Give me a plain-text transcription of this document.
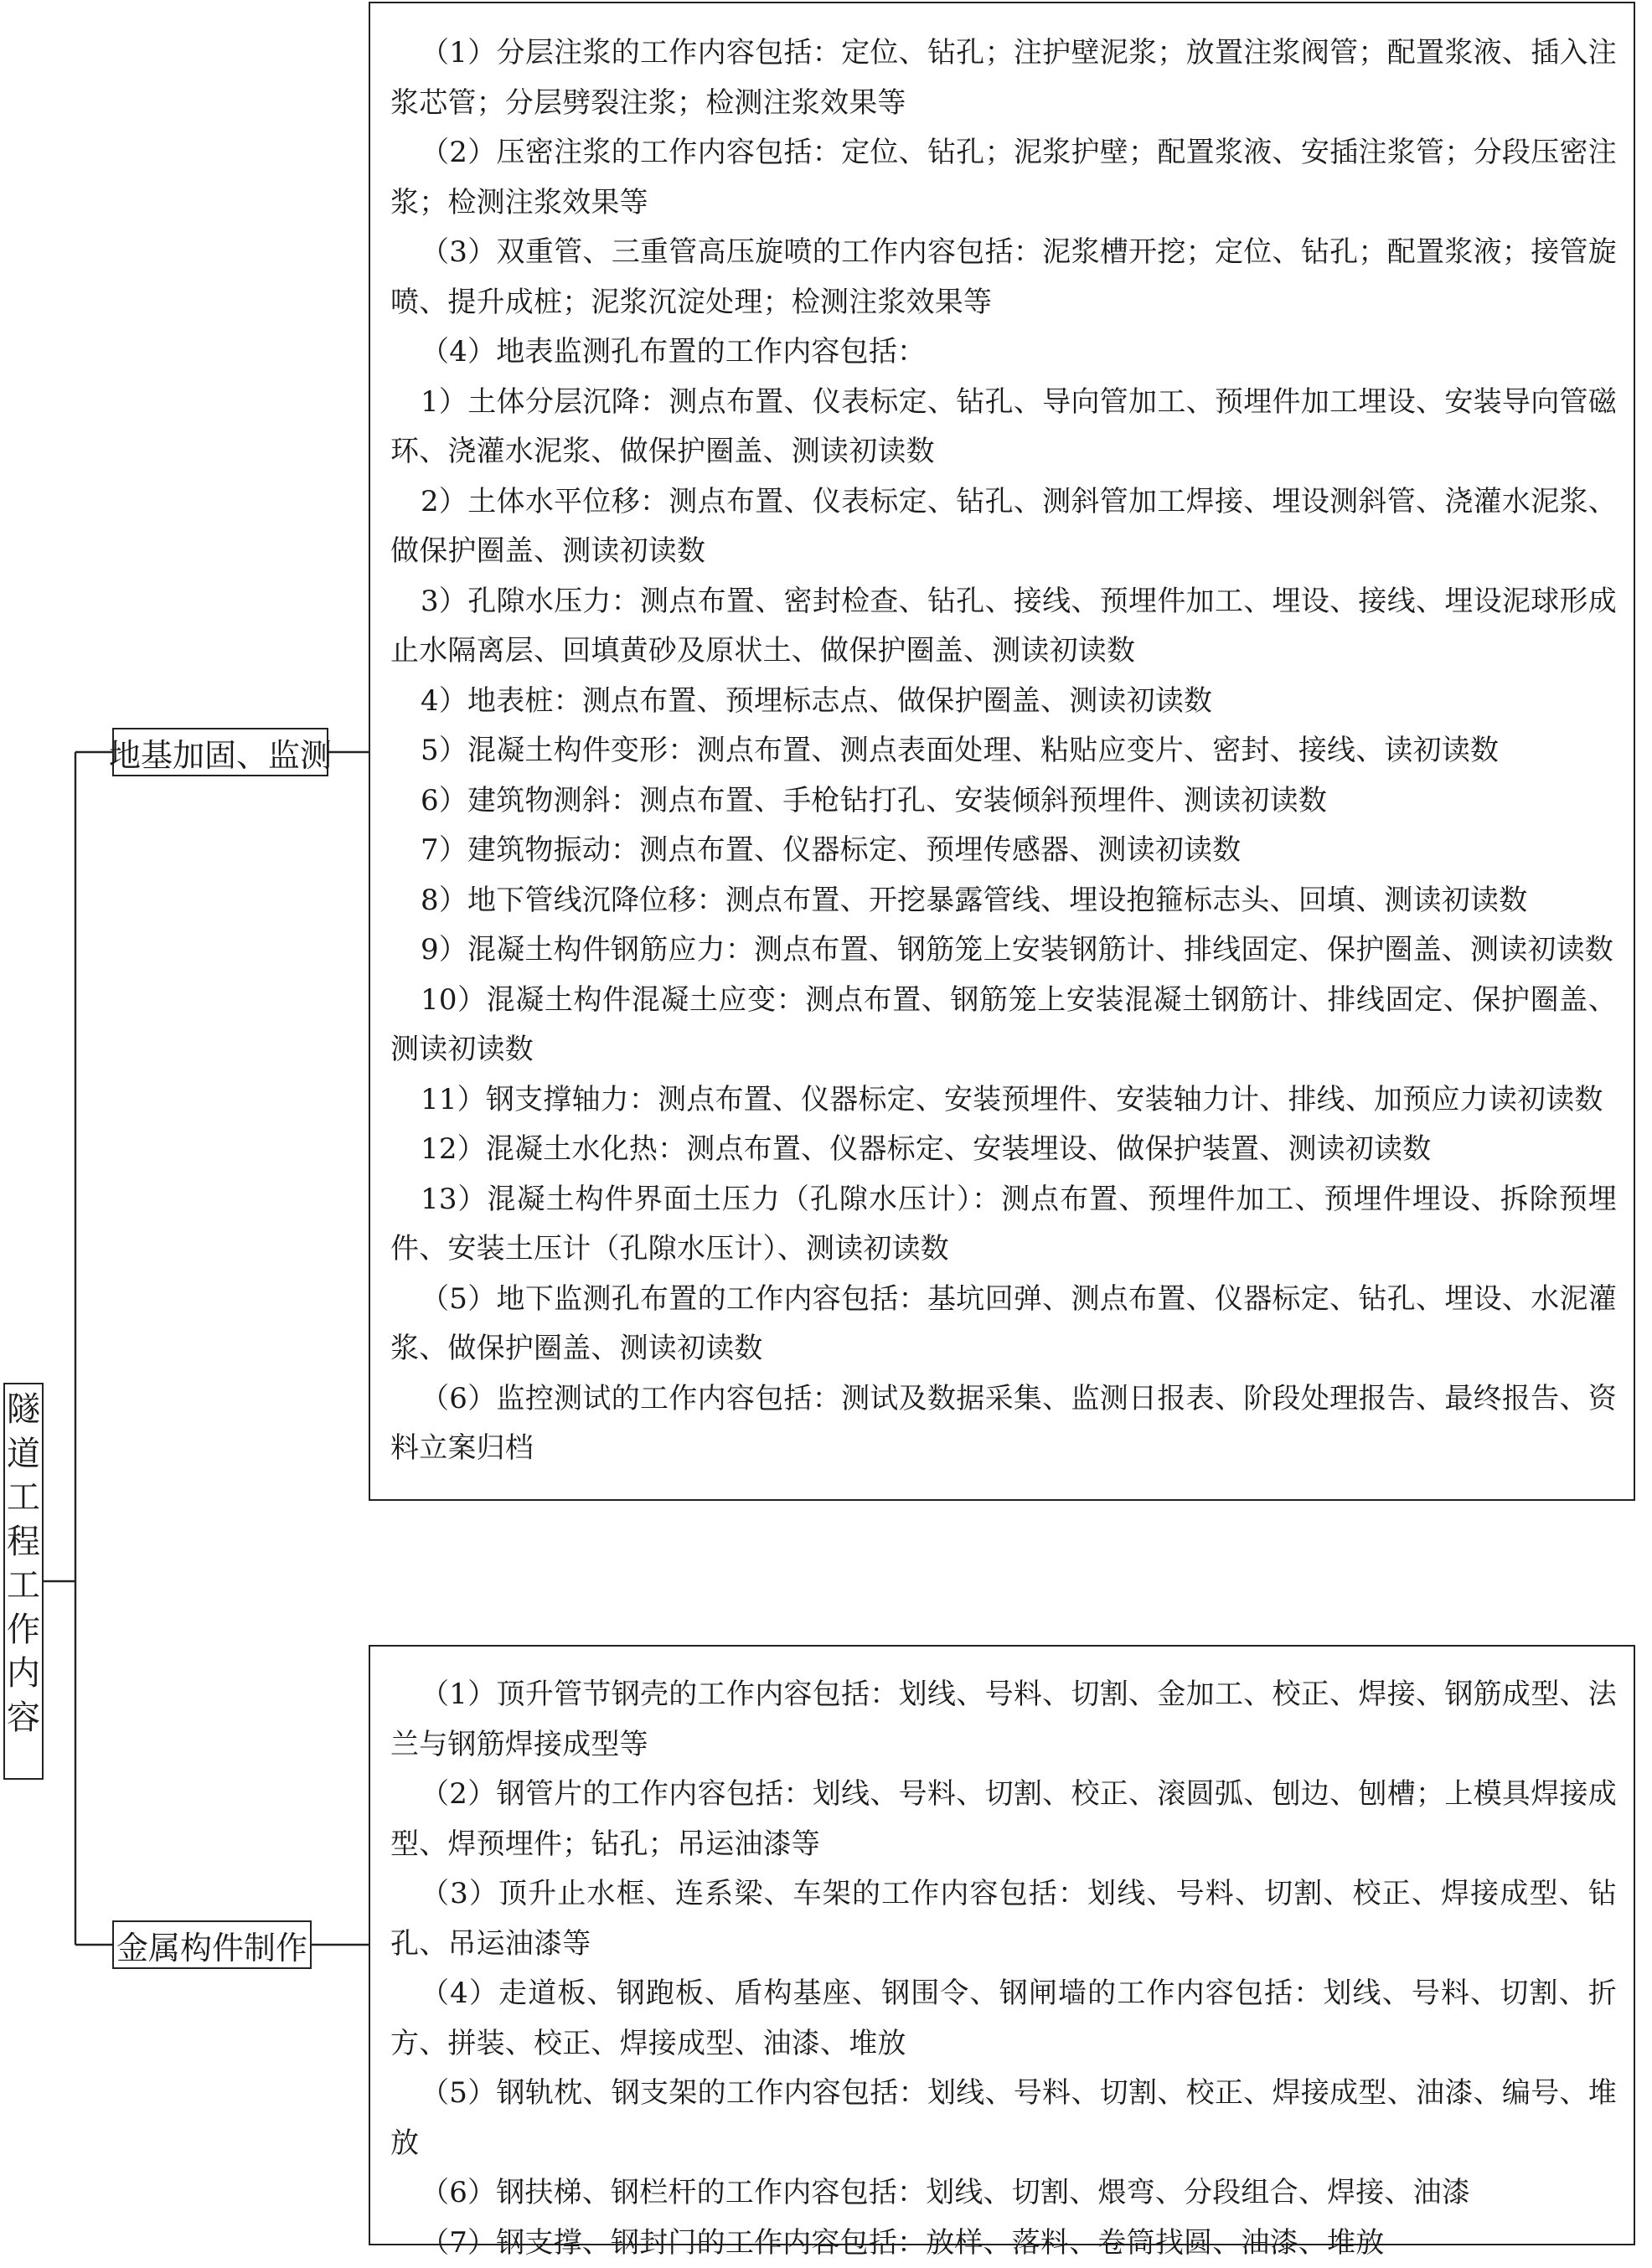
隧
道
工
程
工
作
内
容
地基加固、监测
金属构件制作

（1）分层注浆的工作内容包括：定位、钻孔；注护壁泥浆；放置注浆阀管；配置浆液、插入注浆芯管；分层劈裂注浆；检测注浆效果等

（2）压密注浆的工作内容包括：定位、钻孔；泥浆护壁；配置浆液、安插注浆管；分段压密注浆；检测注浆效果等

（3）双重管、三重管高压旋喷的工作内容包括：泥浆槽开挖；定位、钻孔；配置浆液；接管旋喷、提升成桩；泥浆沉淀处理；检测注浆效果等

（4）地表监测孔布置的工作内容包括：

1）土体分层沉降：测点布置、仪表标定、钻孔、导向管加工、预埋件加工埋设、安装导向管磁环、浇灌水泥浆、做保护圈盖、测读初读数

2）土体水平位移：测点布置、仪表标定、钻孔、测斜管加工焊接、埋设测斜管、浇灌水泥浆、做保护圈盖、测读初读数

3）孔隙水压力：测点布置、密封检查、钻孔、接线、预埋件加工、埋设、接线、埋设泥球形成止水隔离层、回填黄砂及原状土、做保护圈盖、测读初读数

4）地表桩：测点布置、预埋标志点、做保护圈盖、测读初读数

5）混凝土构件变形：测点布置、测点表面处理、粘贴应变片、密封、接线、读初读数

6）建筑物测斜：测点布置、手枪钻打孔、安装倾斜预埋件、测读初读数

7）建筑物振动：测点布置、仪器标定、预埋传感器、测读初读数

8）地下管线沉降位移：测点布置、开挖暴露管线、埋设抱箍标志头、回填、测读初读数

9）混凝土构件钢筋应力：测点布置、钢筋笼上安装钢筋计、排线固定、保护圈盖、测读初读数

10）混凝土构件混凝土应变：测点布置、钢筋笼上安装混凝土钢筋计、排线固定、保护圈盖、测读初读数

11）钢支撑轴力：测点布置、仪器标定、安装预埋件、安装轴力计、排线、加预应力读初读数

12）混凝土水化热：测点布置、仪器标定、安装埋设、做保护装置、测读初读数

13）混凝土构件界面土压力（孔隙水压计）：测点布置、预埋件加工、预埋件埋设、拆除预埋件、安装土压计（孔隙水压计）、测读初读数

（5）地下监测孔布置的工作内容包括：基坑回弹、测点布置、仪器标定、钻孔、埋设、水泥灌浆、做保护圈盖、测读初读数

（6）监控测试的工作内容包括：测试及数据采集、监测日报表、阶段处理报告、最终报告、资料立案归档

（1）顶升管节钢壳的工作内容包括：划线、号料、切割、金加工、校正、焊接、钢筋成型、法兰与钢筋焊接成型等

（2）钢管片的工作内容包括：划线、号料、切割、校正、滚圆弧、刨边、刨槽；上模具焊接成型、焊预埋件；钻孔；吊运油漆等

（3）顶升止水框、连系梁、车架的工作内容包括：划线、号料、切割、校正、焊接成型、钻孔、吊运油漆等

（4）走道板、钢跑板、盾构基座、钢围令、钢闸墙的工作内容包括：划线、号料、切割、折方、拼装、校正、焊接成型、油漆、堆放

（5）钢轨枕、钢支架的工作内容包括：划线、号料、切割、校正、焊接成型、油漆、编号、堆放

（6）钢扶梯、钢栏杆的工作内容包括：划线、切割、煨弯、分段组合、焊接、油漆

（7）钢支撑、钢封门的工作内容包括：放样、落料、卷筒找圆、油漆、堆放
